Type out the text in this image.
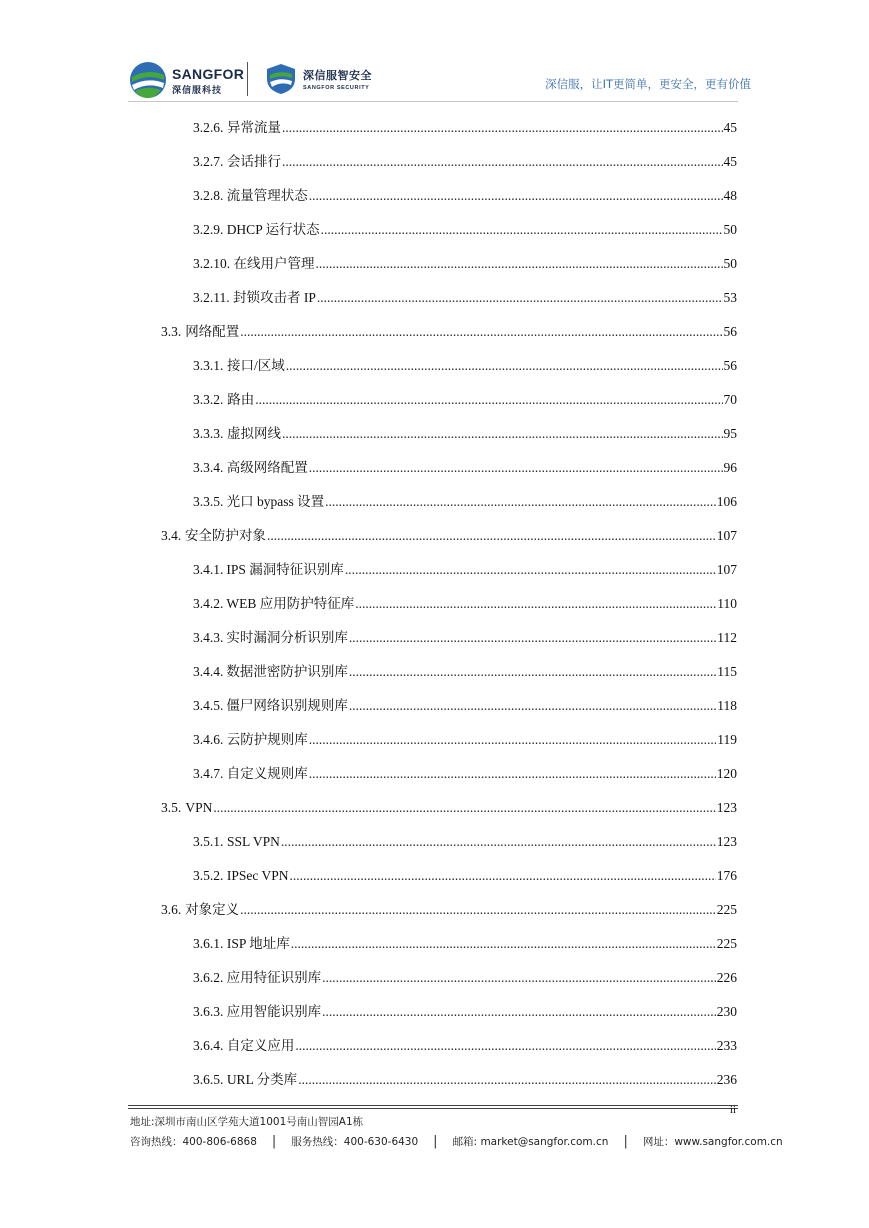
SANGFOR
深信服科技
深信服智安全
SANGFOR SECURITY	深信服，让IT更简单，更安全，更有价值
3.2.6. 异常流量 .....	45
3.2.7. 会话排行 .....	45
3.2.8. 流量管理状态 .....	48
3.2.9. DHCP 运行状态 .....	50
3.2.10. 在线用户管理 .....	50
3.2.11. 封锁攻击者 IP .....	53
3.3. 网络配置 .....	56
3.3.1. 接口/区域 .....	56
3.3.2. 路由 .....	70
3.3.3. 虚拟网线 .....	95
3.3.4. 高级网络配置 .....	96
3.3.5. 光口 bypass 设置 .....	106
3.4. 安全防护对象 .....	107
3.4.1. IPS 漏洞特征识别库 .....	107
3.4.2. WEB 应用防护特征库 .....	110
3.4.3. 实时漏洞分析识别库 .....	112
3.4.4. 数据泄密防护识别库 .....	115
3.4.5. 僵尸网络识别规则库 .....	118
3.4.6. 云防护规则库 .....	119
3.4.7. 自定义规则库 .....	120
3.5. VPN .....	123
3.5.1. SSL VPN .....	123
3.5.2. IPSec VPN .....	176
3.6. 对象定义 .....	225
3.6.1. ISP 地址库 .....	225
3.6.2. 应用特征识别库 .....	226
3.6.3. 应用智能识别库 .....	230
3.6.4. 自定义应用 .....	233
3.6.5. URL 分类库 .....	236
ii
地址:深圳市南山区学苑大道1001号南山智园A1栋
咨询热线：400-806-6868 | 服务热线：400-630-6430 | 邮箱: market@sangfor.com.cn | 网址：www.sangfor.com.cn
